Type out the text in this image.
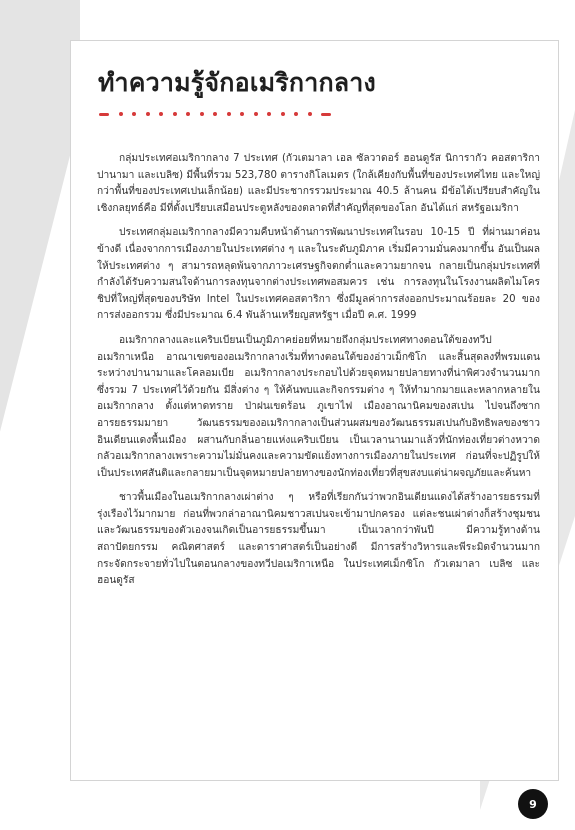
ทำความรู้จักอเมริกากลาง

กลุ่มประเทศอเมริกากลาง 7 ประเทศ (กัวเตมาลา เอล ซัลวาดอร์ ฮอนดูรัส นิการากัว คอสตาริกา ปานามา และเบลิซ) มีพื้นที่รวม 523,780 ตารางกิโลเมตร (ใกล้เคียงกับพื้นที่ของประเทศไทย และใหญ่กว่าพื้นที่ของประเทศเปนเล็กน้อย) และมีประชากรรวมประมาณ 40.5 ล้านคน มีข้อได้เปรียบสำคัญในเชิงกลยุทธ์คือ มีที่ตั้งเปรียบเสมือนประตูหลังของตลาดที่สำคัญที่สุดของโลก อันได้แก่ สหรัฐอเมริกา

ประเทศกลุ่มอเมริกากลางมีความคืบหน้าด้านการพัฒนาประเทศในรอบ 10-15 ปี ที่ผ่านมาค่อนข้างดี เนื่องจากการเมืองภายในประเทศต่าง ๆ และในระดับภูมิภาค เริ่มมีความมั่นคงมากขึ้น อันเป็นผลให้ประเทศต่าง ๆ สามารถหลุดพ้นจากภาวะเศรษฐกิจตกต่ำและความยากจน กลายเป็นกลุ่มประเทศที่กำลังได้รับความสนใจด้านการลงทุนจากต่างประเทศพอสมควร เช่น การลงทุนในโรงงานผลิตไมโครชิปที่ใหญ่ที่สุดของบริษัท Intel ในประเทศคอสตาริกา ซึ่งมีมูลค่าการส่งออกประมาณร้อยละ 20 ของการส่งออกรวม ซึ่งมีประมาณ 6.4 พันล้านเหรียญสหรัฐฯ เมื่อปี ค.ศ. 1999

อเมริกากลางและแคริบเบียนเป็นภูมิภาคย่อยที่หมายถึงกลุ่มประเทศทางตอนใต้ของทวีปอเมริกาเหนือ อาณาเขตของอเมริกากลางเริ่มที่ทางตอนใต้ของอ่าวเม็กซิโก และสิ้นสุดลงที่พรมแดนระหว่างปานามาและโคลอมเบีย อเมริกากลางประกอบไปด้วยจุดหมายปลายทางที่น่าพิศวงจำนวนมาก ซึ่งรวม 7 ประเทศไว้ด้วยกัน มีสิ่งต่าง ๆ ให้ค้นพบและกิจกรรมต่าง ๆ ให้ทำมากมายและหลากหลายในอเมริกากลาง ตั้งแต่หาดทราย ป่าฝนเขตร้อน ภูเขาไฟ เมืองอาณานิคมของสเปน ไปจนถึงซากอารยธรรมมายา วัฒนธรรมของอเมริกากลางเป็นส่วนผสมของวัฒนธรรมสเปนกับอิทธิพลของชาวอินเดียนแดงพื้นเมือง ผสานกับกลิ่นอายแห่งแคริบเบียน เป็นเวลานานมาแล้วที่นักท่องเที่ยวต่างหวาดกลัวอเมริกากลางเพราะความไม่มั่นคงและความขัดแย้งทางการเมืองภายในประเทศ ก่อนที่จะปฏิรูปให้เป็นประเทศสันติและกลายมาเป็นจุดหมายปลายทางของนักท่องเที่ยวที่สุขสงบแต่น่าผจญภัยและค้นหา

ชาวพื้นเมืองในอเมริกากลางเผ่าต่าง ๆ หรือที่เรียกกันว่าพวกอินเดียนแดงได้สร้างอารยธรรมที่รุ่งเรืองไว้มากมาย ก่อนที่พวกล่าอาณานิคมชาวสเปนจะเข้ามาปกครอง แต่ละชนเผ่าต่างก็สร้างชุมชนและวัฒนธรรมของตัวเองจนเกิดเป็นอารยธรรมขึ้นมา เป็นเวลากว่าพันปี มีความรู้ทางด้านสถาปัตยกรรม คณิตศาสตร์ และดาราศาสตร์เป็นอย่างดี มีการสร้างวิหารและพีระมิดจำนวนมาก กระจัดกระจายทั่วไปในตอนกลางของทวีปอเมริกาเหนือ ในประเทศเม็กซิโก กัวเตมาลา เบลิซ และฮอนดูรัส

9
